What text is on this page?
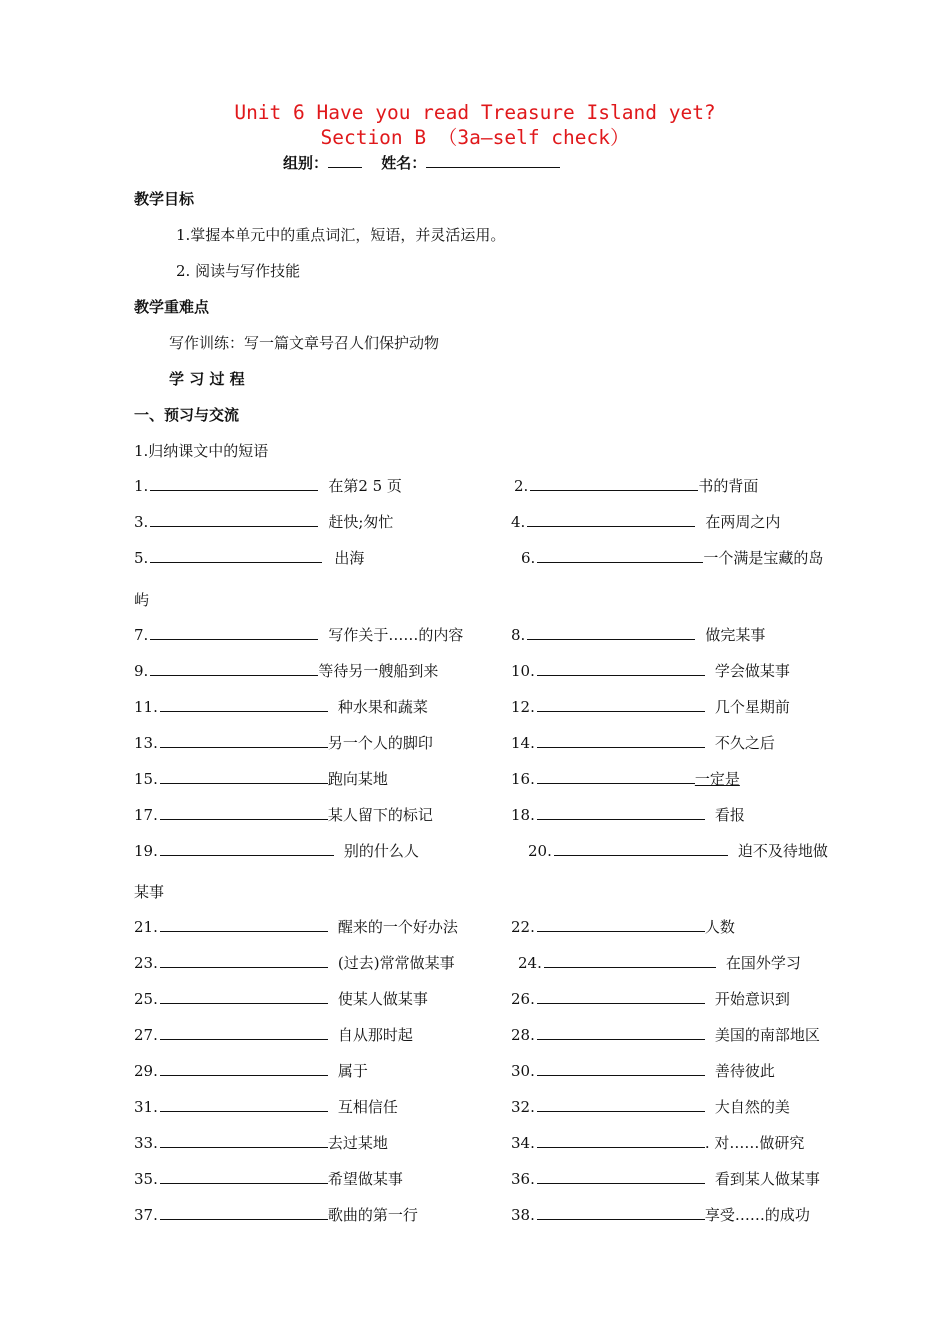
Unit 6 Have you read Treasure Island yet?
Section B （3a—self check）
组别：	姓名：
教学目标
1.掌握本单元中的重点词汇，短语，并灵活运用。
2. 阅读与写作技能
教学重难点
写作训练：写一篇文章号召人们保护动物
学 习 过 程
一、预习与交流
1.归纳课文中的短语
1.	在第2 5 页	2.	书的背面
3.	赶快;匆忙	4.	在两周之内
5.	出海	6.	一个满是宝藏的岛
7.	写作关于……的内容	8.	做完某事
9.	等待另一艘船到来	10.	学会做某事
11.	种水果和蔬菜	12.	几个星期前
13.	另一个人的脚印	14.	不久之后
15.	跑向某地	16.	一定是
17.	某人留下的标记	18.	看报
19.	别的什么人	20.	迫不及待地做
21.	醒来的一个好办法	22.	人数
23.	(过去)常常做某事	24.	在国外学习
25.	使某人做某事	26.	开始意识到
27.	自从那时起	28.	美国的南部地区
29.	属于	30.	善待彼此
31.	互相信任	32.	大自然的美
33.	去过某地	34.	. 对……做研究
35.	希望做某事	36.	看到某人做某事
37.	歌曲的第一行	38.	享受……的成功
屿
某事
